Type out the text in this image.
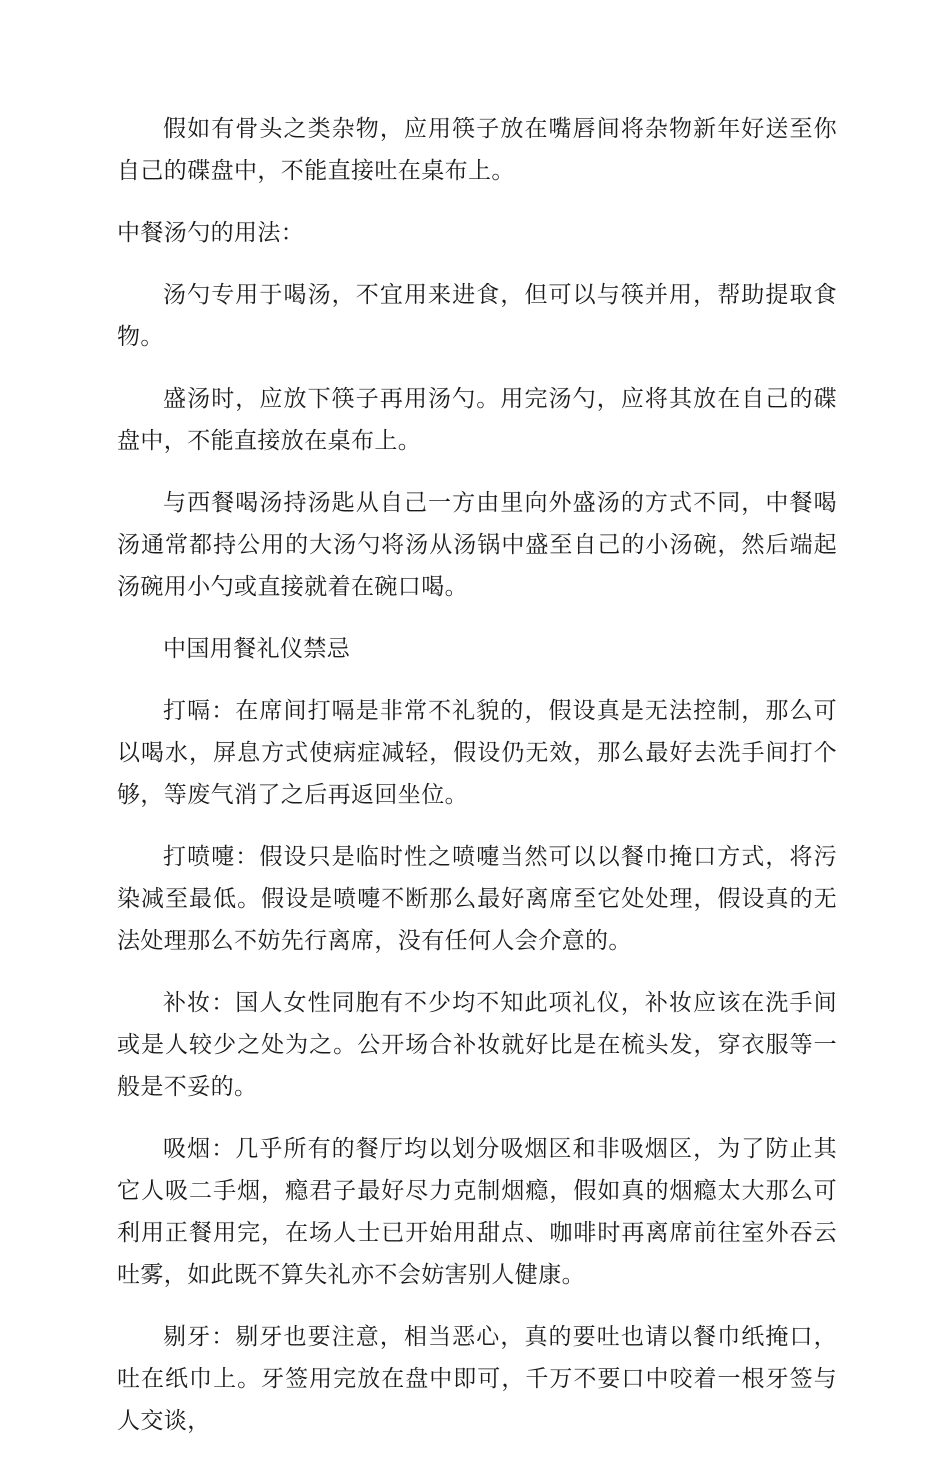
假如有骨头之类杂物，应用筷子放在嘴唇间将杂物新年好送至你自己的碟盘中，不能直接吐在桌布上。

中餐汤勺的用法：

汤勺专用于喝汤，不宜用来进食，但可以与筷并用，帮助提取食物。

盛汤时，应放下筷子再用汤勺。用完汤勺，应将其放在自己的碟盘中，不能直接放在桌布上。

与西餐喝汤持汤匙从自己一方由里向外盛汤的方式不同，中餐喝汤通常都持公用的大汤勺将汤从汤锅中盛至自己的小汤碗，然后端起汤碗用小勺或直接就着在碗口喝。

中国用餐礼仪禁忌

打嗝：在席间打嗝是非常不礼貌的，假设真是无法控制，那么可以喝水，屏息方式使病症减轻，假设仍无效，那么最好去洗手间打个够，等废气消了之后再返回坐位。

打喷嚏：假设只是临时性之喷嚏当然可以以餐巾掩口方式，将污染减至最低。假设是喷嚏不断那么最好离席至它处处理，假设真的无法处理那么不妨先行离席，没有任何人会介意的。

补妆：国人女性同胞有不少均不知此项礼仪，补妆应该在洗手间或是人较少之处为之。公开场合补妆就好比是在梳头发，穿衣服等一般是不妥的。

吸烟：几乎所有的餐厅均以划分吸烟区和非吸烟区，为了防止其它人吸二手烟，瘾君子最好尽力克制烟瘾，假如真的烟瘾太大那么可利用正餐用完，在场人士已开始用甜点、咖啡时再离席前往室外吞云吐雾，如此既不算失礼亦不会妨害别人健康。

剔牙：剔牙也要注意，相当恶心，真的要吐也请以餐巾纸掩口，吐在纸巾上。牙签用完放在盘中即可，千万不要口中咬着一根牙签与人交谈，
